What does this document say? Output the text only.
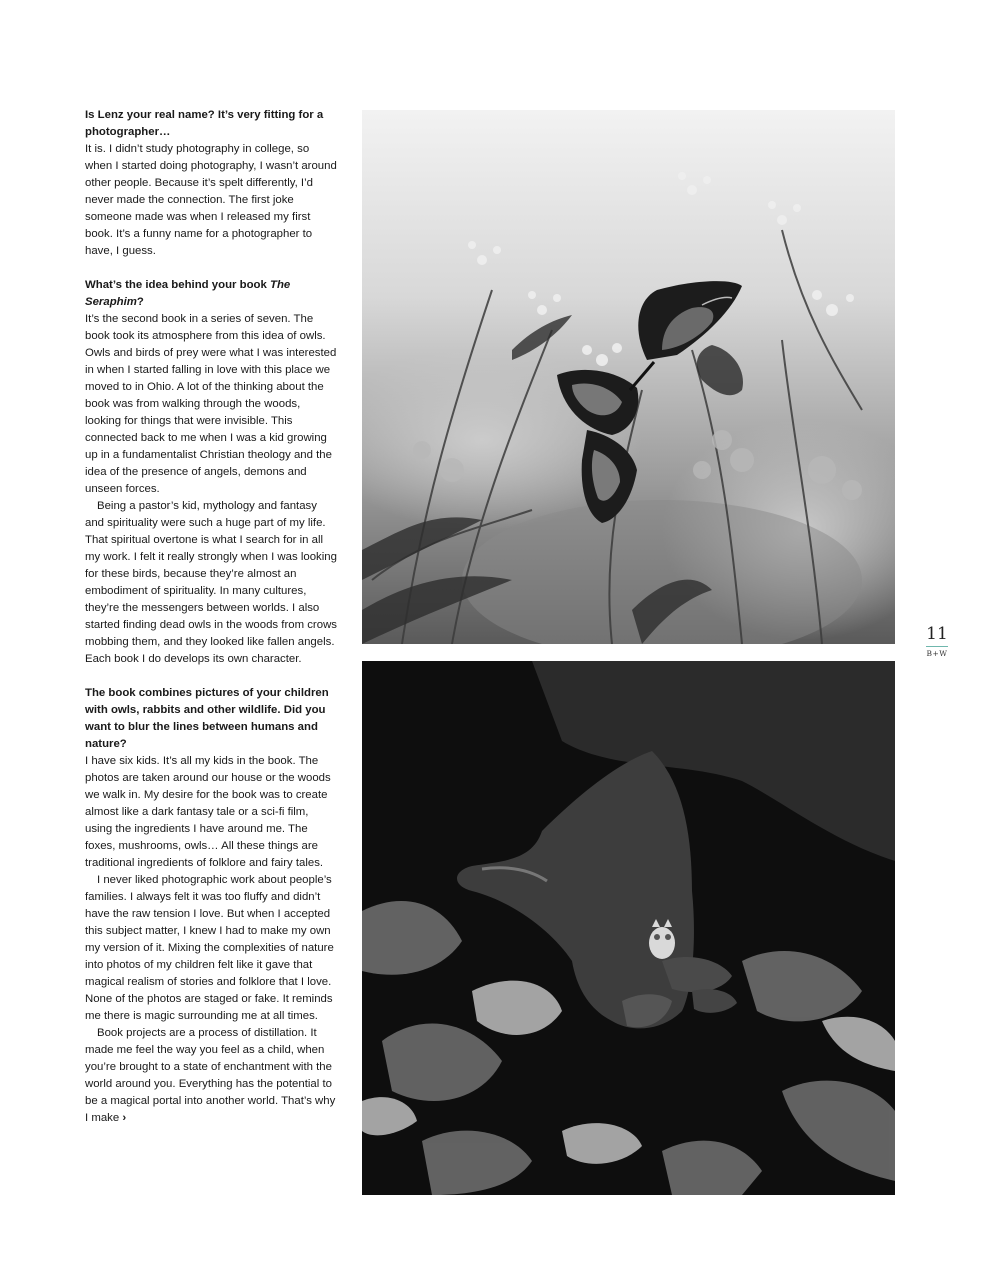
Is Lenz your real name? It’s very fitting for a photographer…

It is. I didn’t study photography in college, so when I started doing photography, I wasn’t around other people. Because it’s spelt differently, I’d never made the connection. The first joke someone made was when I released my first book. It’s a funny name for a photographer to have, I guess.

What’s the idea behind your book The Seraphim?

It’s the second book in a series of seven. The book took its atmosphere from this idea of owls. Owls and birds of prey were what I was interested in when I started falling in love with this place we moved to in Ohio. A lot of the thinking about the book was from walking through the woods, looking for things that were invisible. This connected back to me when I was a kid growing up in a fundamentalist Christian theology and the idea of the presence of angels, demons and unseen forces.

Being a pastor’s kid, mythology and fantasy and spirituality were such a huge part of my life. That spiritual overtone is what I search for in all my work. I felt it really strongly when I was looking for these birds, because they’re almost an embodiment of spirituality. In many cultures, they’re the messengers between worlds. I also started finding dead owls in the woods from crows mobbing them, and they looked like fallen angels. Each book I do develops its own character.

The book combines pictures of your children with owls, rabbits and other wildlife. Did you want to blur the lines between humans and nature?

I have six kids. It’s all my kids in the book. The photos are taken around our house or the woods we walk in. My desire for the book was to create almost like a dark fantasy tale or a sci-fi film, using the ingredients I have around me. The foxes, mushrooms, owls… All these things are traditional ingredients of folklore and fairy tales.

I never liked photographic work about people’s families. I always felt it was too fluffy and didn’t have the raw tension I love. But when I accepted this subject matter, I knew I had to make my own my version of it. Mixing the complexities of nature into photos of my children felt like it gave that magical realism of stories and folklore that I love. None of the photos are staged or fake. It reminds me there is magic surrounding me at all times.

Book projects are a process of distillation. It made me feel the way you feel as a child, when you’re brought to a state of enchantment with the world around you. Everything has the potential to be a magical portal into another world. That’s why I make ›

11
B+W
